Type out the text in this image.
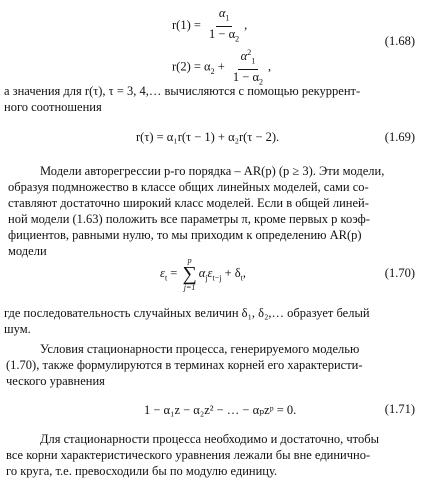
$r(1) = \frac{\alpha_1}{1 - \alpha_2}$ ,
$r(2) = \alpha_2 + \frac{\alpha^2_1}{1 - \alpha_2}$ ,
(1.68)
а значения для r(τ), τ = 3, 4,… вычисляются с помощью рекуррент-
ного соотношения
r(τ) = α₁r(τ − 1) + α₂r(τ − 2).	(1.69)
Модели авторегрессии p-го порядка – AR(p) (p ≥ 3). Эти модели,
образуя подмножество в классе общих линейных моделей, сами со-
ставляют достаточно широкий класс моделей. Если в общей линей-
ной модели (1.63) положить все параметры π, кроме первых p коэф-
фициентов, равными нулю, то мы приходим к определению AR(p)
модели
$\varepsilon_t$ =
p
∑
j=1
$\alpha_j\varepsilon_{t-j} + \delta_t$,	(1.70)
где последовательность случайных величин δ₁, δ₂,… образует белый
шум.
Условия стационарности процесса, генерируемого моделью
(1.70), также формулируются в терминах корней его характеристи-
ческого уравнения
1 − α₁z − α₂z² − … − αₚzᵖ = 0.	(1.71)
Для стационарности процесса необходимо и достаточно, чтобы
все корни характеристического уравнения лежали бы вне единично-
го круга, т.е. превосходили бы по модулю единицу.
